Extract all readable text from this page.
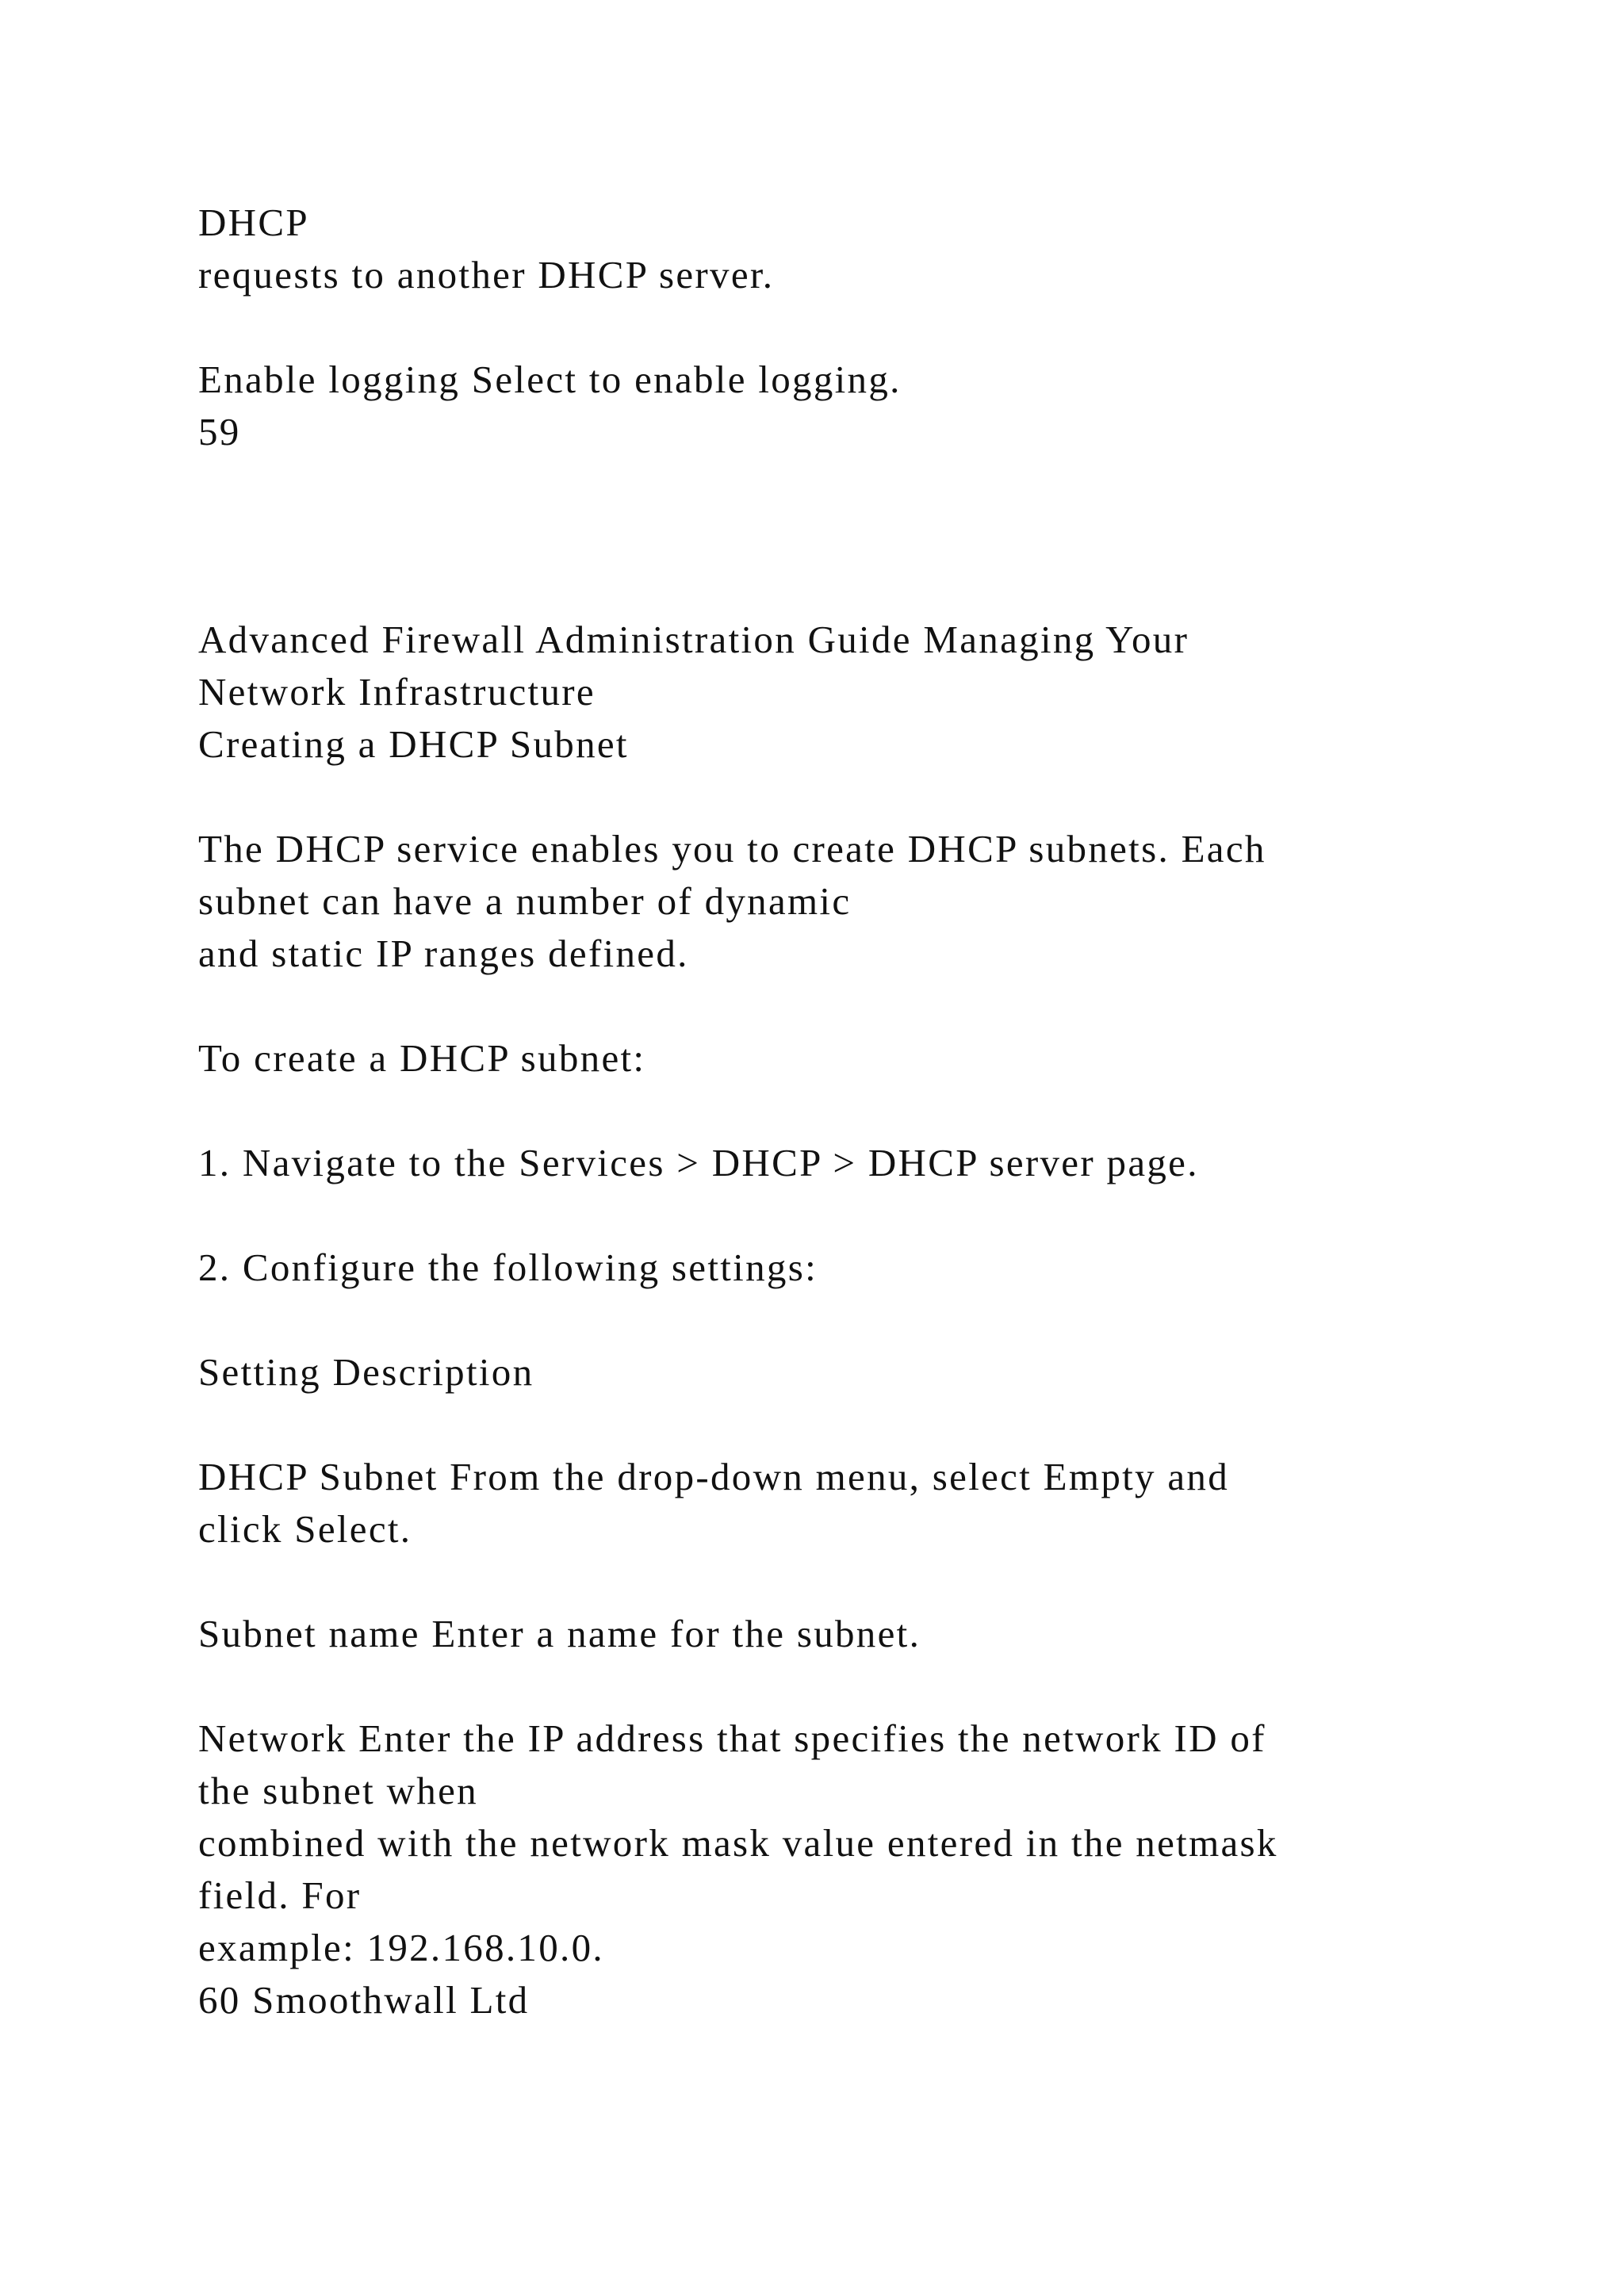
DHCP

requests to another DHCP server.

Enable logging Select to enable logging.

59

Advanced Firewall Administration Guide Managing Your

Network Infrastructure

Creating a DHCP Subnet

The DHCP service enables you to create DHCP subnets. Each

subnet can have a number of dynamic

and static IP ranges defined.

To create a DHCP subnet:

1. Navigate to the Services > DHCP > DHCP server page.

2. Configure the following settings:

Setting Description

DHCP Subnet From the drop-down menu, select Empty and

click Select.

Subnet name Enter a name for the subnet.

Network Enter the IP address that specifies the network ID of

the subnet when

combined with the network mask value entered in the netmask

field. For

example: 192.168.10.0.

60 Smoothwall Ltd
